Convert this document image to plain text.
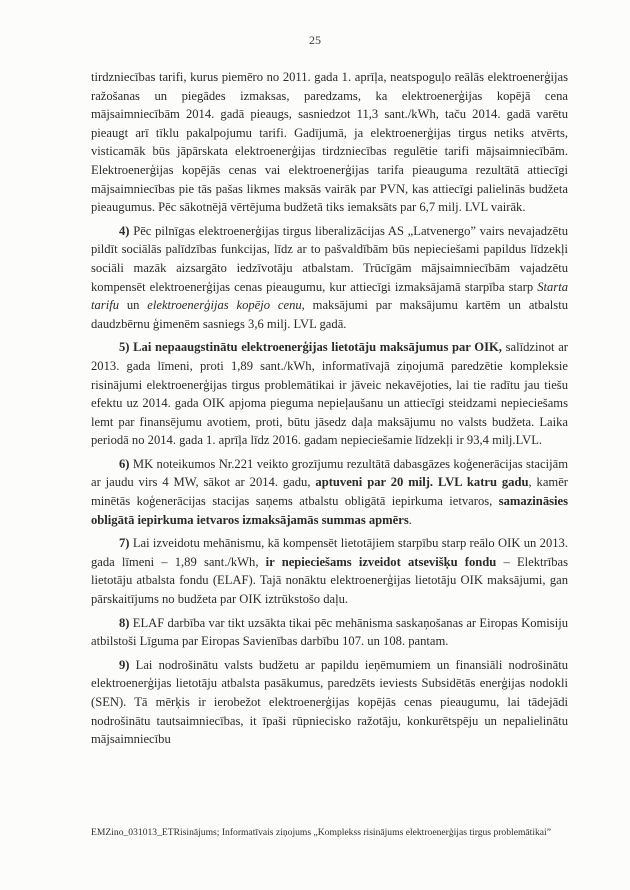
25

tirdzniecības tarifi, kurus piemēro no 2011. gada 1. aprīļa, neatspoguļo reālās elektroenerģijas ražošanas un piegādes izmaksas, paredzams, ka elektroenerģijas kopējā cena mājsaimniecībām 2014. gadā pieaugs, sasniedzot 11,3 sant./kWh, taču 2014. gadā varētu pieaugt arī tīklu pakalpojumu tarifi. Gadījumā, ja elektroenerģijas tirgus netiks atvērts, visticamāk būs jāpārskata elektroenerģijas tirdzniecības regulētie tarifi mājsaimniecībām. Elektroenerģijas kopējās cenas vai elektroenerģijas tarifa pieauguma rezultātā attiecīgi mājsaimniecības pie tās pašas likmes maksās vairāk par PVN, kas attiecīgi palielinās budžeta pieaugumus. Pēc sākotnējā vērtējuma budžetā tiks iemaksāts par 6,7 milj. LVL vairāk.

4) Pēc pilnīgas elektroenerģijas tirgus liberalizācijas AS „Latvenergo” vairs nevajadzētu pildīt sociālās palīdzības funkcijas, līdz ar to pašvaldībām būs nepieciešami papildus līdzekļi sociāli mazāk aizsargāto iedzīvotāju atbalstam. Trūcīgām mājsaimniecībām vajadzētu kompensēt elektroenerģijas cenas pieaugumu, kur attiecīgi izmaksājamā starpība starp Starta tarifu un elektroenerģijas kopējo cenu, maksājumi par maksājumu kartēm un atbalstu daudzbērnu ģimenēm sasniegs 3,6 milj. LVL gadā.

5) Lai nepaaugstinātu elektroenerģijas lietotāju maksājumus par OIK, salīdzinot ar 2013. gada līmeni, proti 1,89 sant./kWh, informatīvajā ziņojumā paredzētie kompleksie risinājumi elektroenerģijas tirgus problemātikai ir jāveic nekavējoties, lai tie radītu jau tiešu efektu uz 2014. gada OIK apjoma pieguma nepieļaušanu un attiecīgi steidzami nepieciešams lemt par finansējumu avotiem, proti, būtu jāsedz daļa maksājumu no valsts budžeta. Laika periodā no 2014. gada 1. aprīļa līdz 2016. gadam nepieciešamie līdzekļi ir 93,4 milj.LVL.

6) MK noteikumos Nr.221 veikto grozījumu rezultātā dabasgāzes koģenerācijas stacijām ar jaudu virs 4 MW, sākot ar 2014. gadu, aptuveni par 20 milj. LVL katru gadu, kamēr minētās koģenerācijas stacijas saņems atbalstu obligātā iepirkuma ietvaros, samazināsies obligātā iepirkuma ietvaros izmaksājamās summas apmērs.

7) Lai izveidotu mehānismu, kā kompensēt lietotājiem starpību starp reālo OIK un 2013. gada līmeni – 1,89 sant./kWh, ir nepieciešams izveidot atsevišķu fondu – Elektrības lietotāju atbalsta fondu (ELAF). Tajā nonāktu elektroenerģijas lietotāju OIK maksājumi, gan pārskaitījums no budžeta par OIK iztrūkstošo daļu.

8) ELAF darbība var tikt uzsākta tikai pēc mehānisma saskaņošanas ar Eiropas Komisiju atbilstoši Līguma par Eiropas Savienības darbību 107. un 108. pantam.

9) Lai nodrošinātu valsts budžetu ar papildu ieņēmumiem un finansiāli nodrošinātu elektroenerģijas lietotāju atbalsta pasākumus, paredzēts ieviests Subsidētās enerģijas nodokli (SEN). Tā mērķis ir ierobežot elektroenerģijas kopējās cenas pieaugumu, lai tādejādi nodrošinātu tautsaimniecības, it īpaši rūpniecisko ražotāju, konkurētspēju un nepalielinātu mājsaimniecību

EMZino_031013_ETRisinājums; Informatīvais ziņojums „Komplekss risinājums elektroenerģijas tirgus problemātikai”
